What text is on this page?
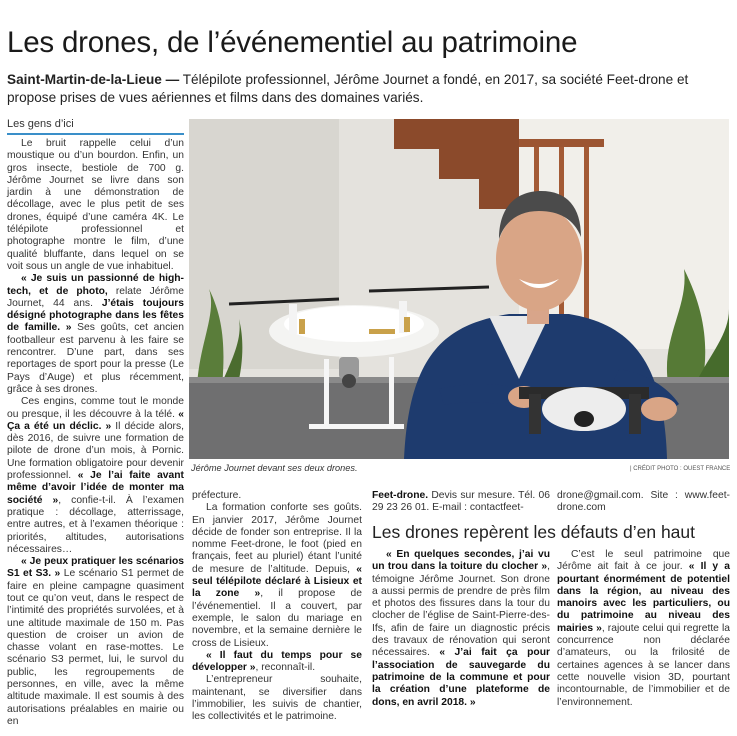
Les drones, de l’événementiel au patrimoine
Saint-Martin-de-la-Lieue — Télépilote professionnel, Jérôme Journet a fondé, en 2017, sa société Feet-drone et propose prises de vues aériennes et films dans des domaines variés.
Les gens d’ici

Le bruit rappelle celui d’un moustique ou d’un bourdon. Enfin, un gros insecte, bestiole de 700 g. Jérôme Journet se livre dans son jardin à une démonstration de décollage, avec le plus petit de ses drones, équipé d’une caméra 4K. Le télépilote professionnel et photographe montre le film, d’une qualité bluffante, dans lequel on se voit sous un angle de vue inhabituel.

« Je suis un passionné de high-tech, et de photo, relate Jérôme Journet, 44 ans. J’étais toujours désigné photographe dans les fêtes de famille. » Ses goûts, cet ancien footballeur est parvenu à les faire se rencontrer. D’une part, dans ses reportages de sport pour la presse (Le Pays d’Auge) et plus récemment, grâce à ses drones.

Ces engins, comme tout le monde ou presque, il les découvre à la télé. « Ça a été un déclic. » Il décide alors, dès 2016, de suivre une formation de pilote de drone d’un mois, à Pornic. Une formation obligatoire pour devenir professionnel. « Je l’ai faite avant même d’avoir l’idée de monter ma société », confie-t-il. À l’examen pratique : décollage, atterrissage, entre autres, et à l’examen théorique : priorités, altitudes, autorisations nécessaires…

« Je peux pratiquer les scénarios S1 et S3. » Le scénario S1 permet de faire en pleine campagne quasiment tout ce qu’on veut, dans le respect de l’intimité des propriétés survolées, et à une altitude maximale de 150 m. Pas question de croiser un avion de chasse volant en rase-mottes. Le scénario S3 permet, lui, le survol du public, les regroupements de personnes, en ville, avec la même altitude maximale. Il est soumis à des autorisations préalables en mairie ou en

Jérôme Journet devant ses deux drones.	| CRÉDIT PHOTO : OUEST FRANCE

préfecture.

La formation conforte ses goûts. En janvier 2017, Jérôme Journet décide de fonder son entreprise. Il la nomme Feet-drone, le foot (pied en français, feet au pluriel) étant l’unité de mesure de l’altitude. Depuis, « seul télépilote déclaré à Lisieux et la zone », il propose de l’événementiel. Il a couvert, par exemple, le salon du mariage en novembre, et la semaine dernière le cross de Lisieux.

« Il faut du temps pour se développer », reconnaît-il.

L’entrepreneur souhaite, maintenant, se diversifier dans l’immobilier, les suivis de chantier, les collectivités et le patrimoine.

Feet-drone. Devis sur mesure. Tél. 06 29 23 26 01. E-mail : contactfeet-

drone@gmail.com. Site : www.feet-drone.com

Les drones repèrent les défauts d’en haut

« En quelques secondes, j’ai vu un trou dans la toiture du clocher », témoigne Jérôme Journet. Son drone a aussi permis de prendre de près film et photos des fissures dans la tour du clocher de l’église de Saint-Pierre-des-Ifs, afin de faire un diagnostic précis des travaux de rénovation qui seront nécessaires. « J’ai fait ça pour l’association de sauvegarde du patrimoine de la commune et pour la création d’une plateforme de dons, en avril 2018. »

C’est le seul patrimoine que Jérôme ait fait à ce jour. « Il y a pourtant énormément de potentiel dans la région, au niveau des manoirs avec les particuliers, ou du patrimoine au niveau des mairies », rajoute celui qui regrette la concurrence non déclarée d’amateurs, ou la frilosité de certaines agences à se lancer dans cette nouvelle vision 3D, pourtant incontournable, de l’immobilier et de l’environnement.
